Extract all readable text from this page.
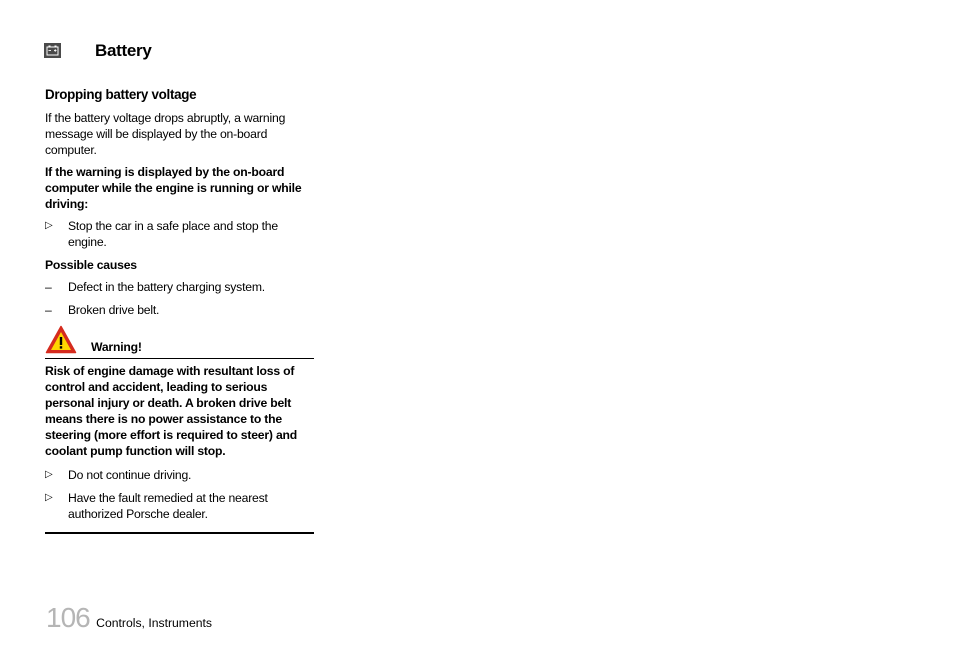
Battery
Dropping battery voltage
If the battery voltage drops abruptly, a warning message will be displayed by the on-board computer.
If the warning is displayed by the on-board computer while the engine is running or while driving:
▷	Stop the car in a safe place and stop the engine.
Possible causes
– Defect in the battery charging system.
– Broken drive belt.
Warning!
Risk of engine damage with resultant loss of control and accident, leading to serious personal injury or death. A broken drive belt means there is no power assistance to the steering (more effort is required to steer) and coolant pump function will stop.
▷	Do not continue driving.
▷	Have the fault remedied at the nearest authorized Porsche dealer.
106 Controls, Instruments
